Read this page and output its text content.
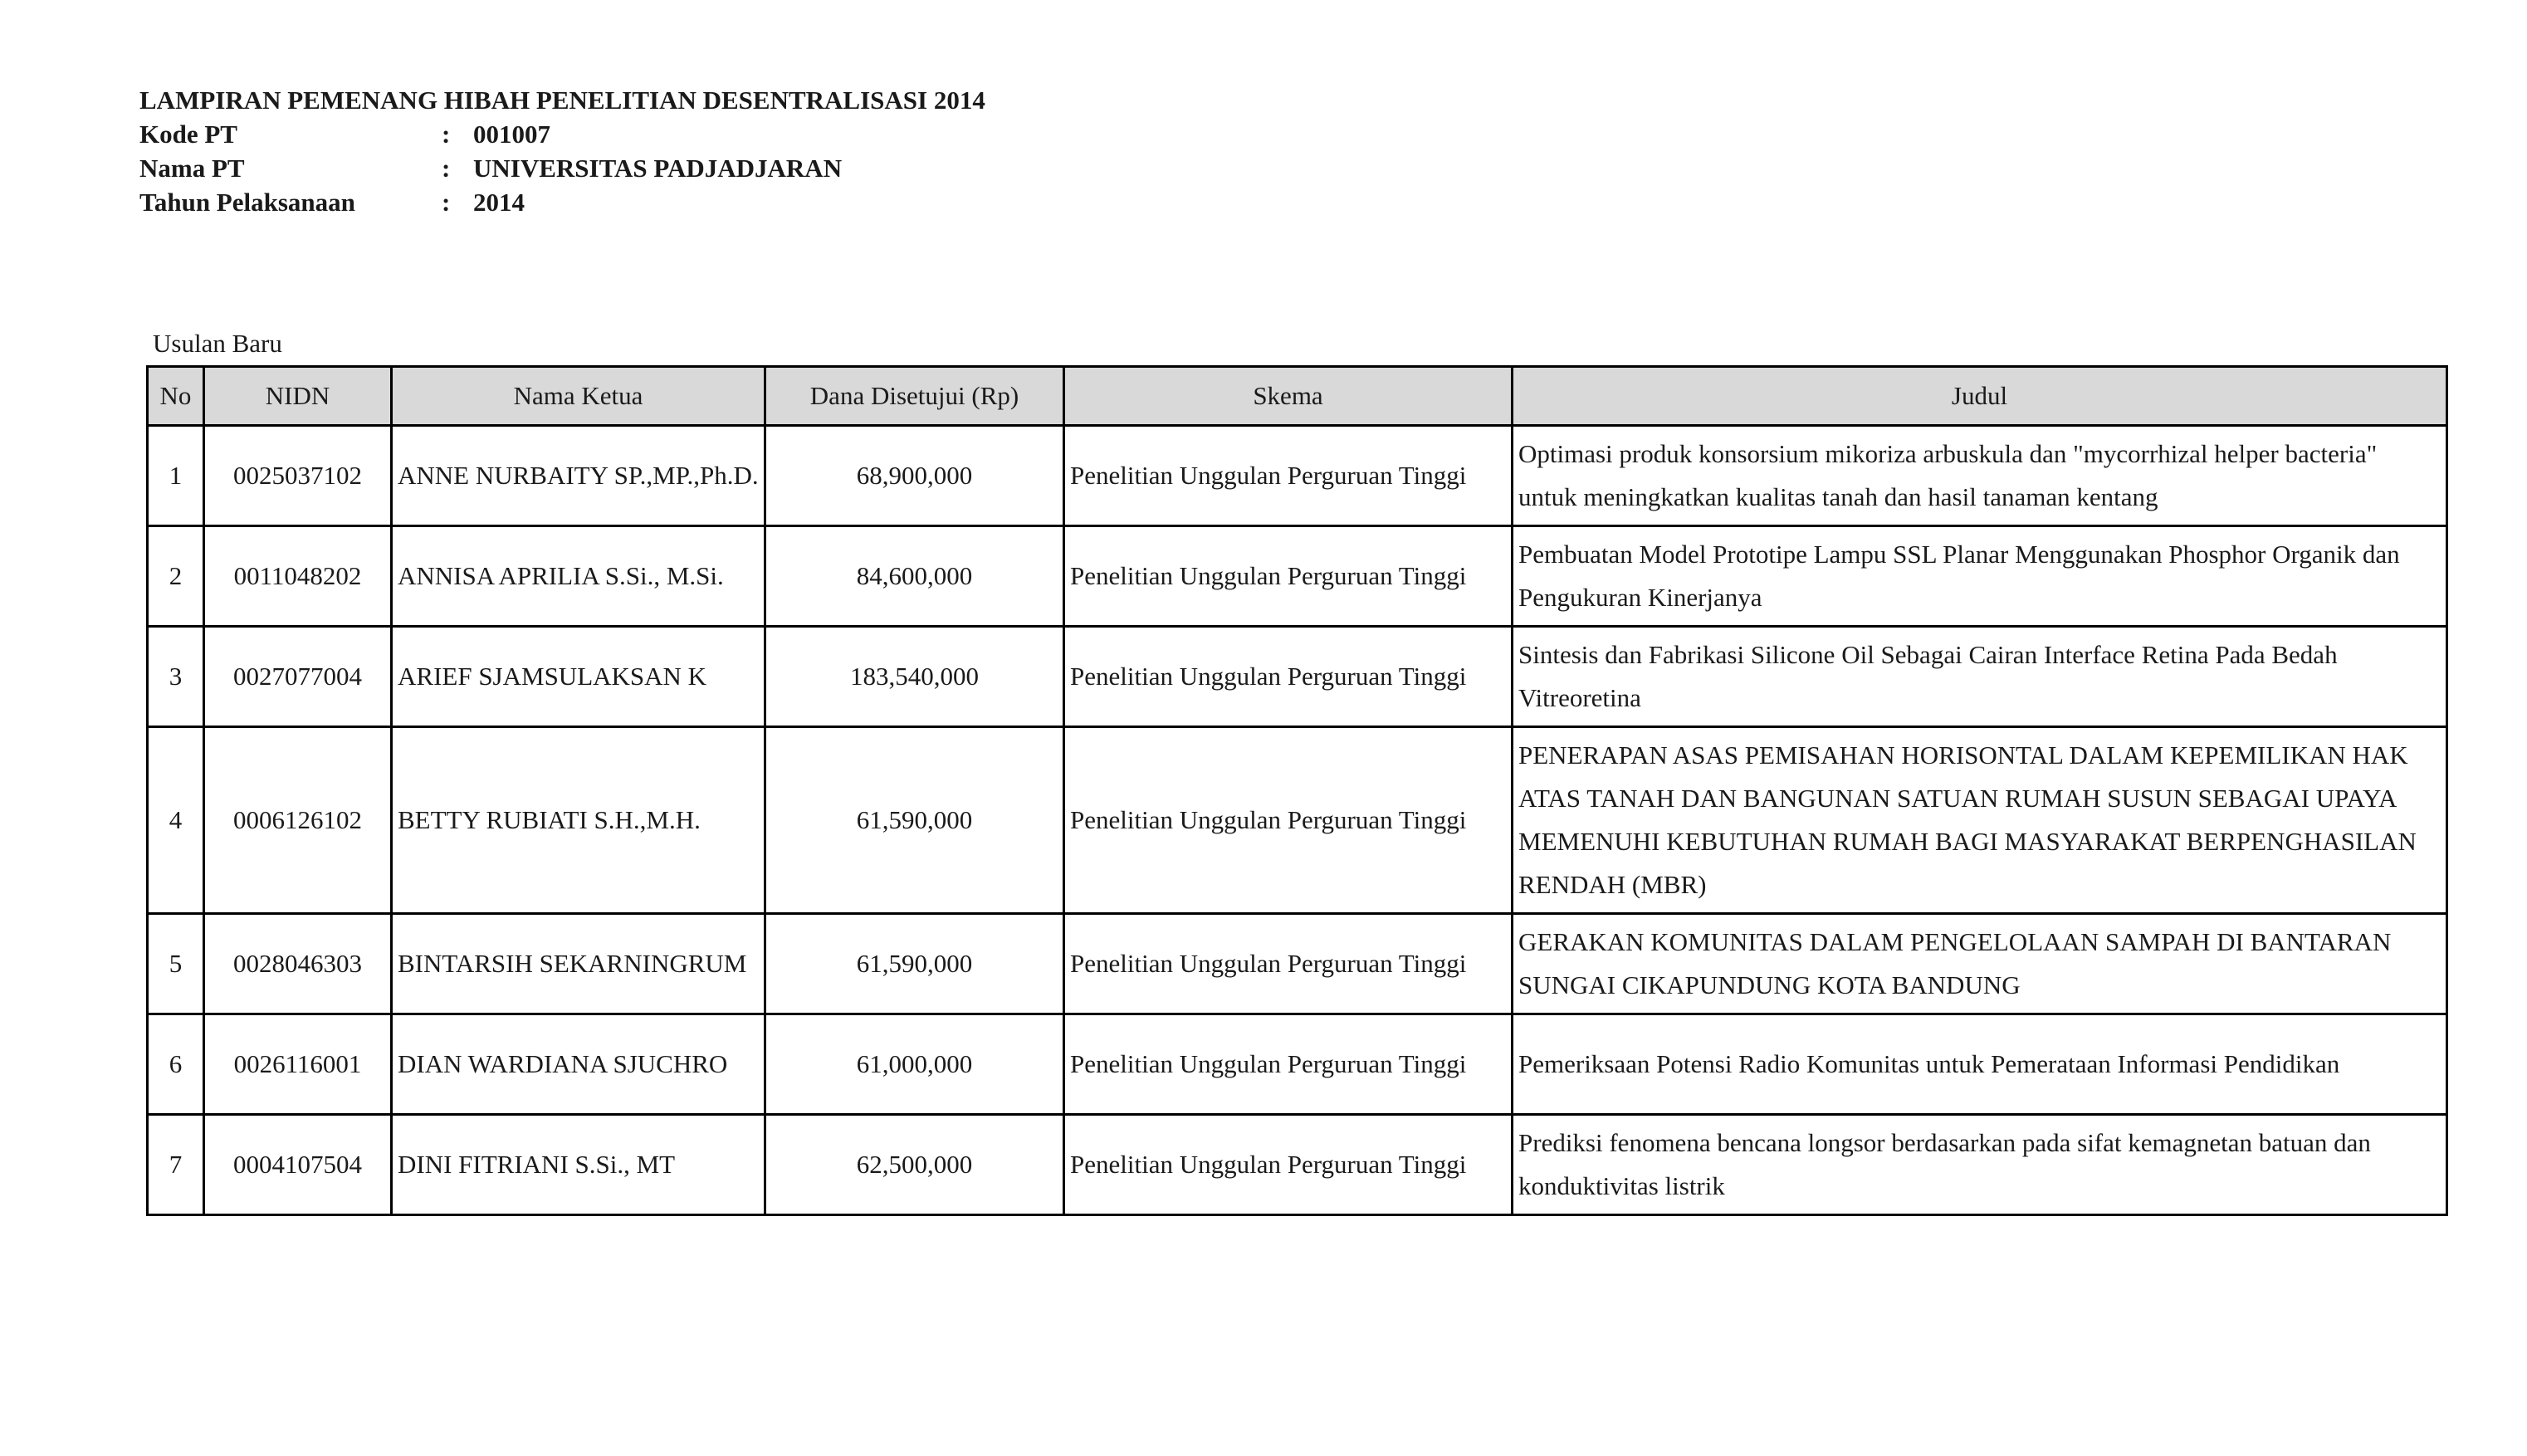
LAMPIRAN PEMENANG HIBAH PENELITIAN DESENTRALISASI 2014
Kode PT	: 001007
Nama PT	: UNIVERSITAS PADJADJARAN
Tahun Pelaksanaan	: 2014
Usulan Baru
No	NIDN	Nama Ketua	Dana Disetujui (Rp)	Skema	Judul
1	0025037102	ANNE NURBAITY SP.,MP.,Ph.D.	68,900,000	Penelitian Unggulan Perguruan Tinggi	Optimasi produk konsorsium mikoriza arbuskula dan "mycorrhizal helper bacteria" untuk meningkatkan kualitas tanah dan hasil tanaman kentang
2	0011048202	ANNISA APRILIA S.Si., M.Si.	84,600,000	Penelitian Unggulan Perguruan Tinggi	Pembuatan Model Prototipe Lampu SSL Planar Menggunakan Phosphor Organik dan Pengukuran Kinerjanya
3	0027077004	ARIEF SJAMSULAKSAN K	183,540,000	Penelitian Unggulan Perguruan Tinggi	Sintesis dan Fabrikasi Silicone Oil Sebagai Cairan Interface Retina Pada Bedah Vitreoretina
4	0006126102	BETTY RUBIATI S.H.,M.H.	61,590,000	Penelitian Unggulan Perguruan Tinggi	PENERAPAN ASAS PEMISAHAN HORISONTAL DALAM KEPEMILIKAN HAK ATAS TANAH DAN BANGUNAN SATUAN RUMAH SUSUN SEBAGAI UPAYA MEMENUHI KEBUTUHAN RUMAH BAGI MASYARAKAT BERPENGHASILAN RENDAH (MBR)
5	0028046303	BINTARSIH SEKARNINGRUM	61,590,000	Penelitian Unggulan Perguruan Tinggi	GERAKAN KOMUNITAS DALAM PENGELOLAAN SAMPAH DI BANTARAN SUNGAI CIKAPUNDUNG KOTA BANDUNG
6	0026116001	DIAN WARDIANA SJUCHRO	61,000,000	Penelitian Unggulan Perguruan Tinggi	Pemeriksaan Potensi Radio Komunitas untuk Pemerataan Informasi Pendidikan
7	0004107504	DINI FITRIANI S.Si., MT	62,500,000	Penelitian Unggulan Perguruan Tinggi	Prediksi fenomena bencana longsor berdasarkan pada sifat kemagnetan batuan dan konduktivitas listrik
